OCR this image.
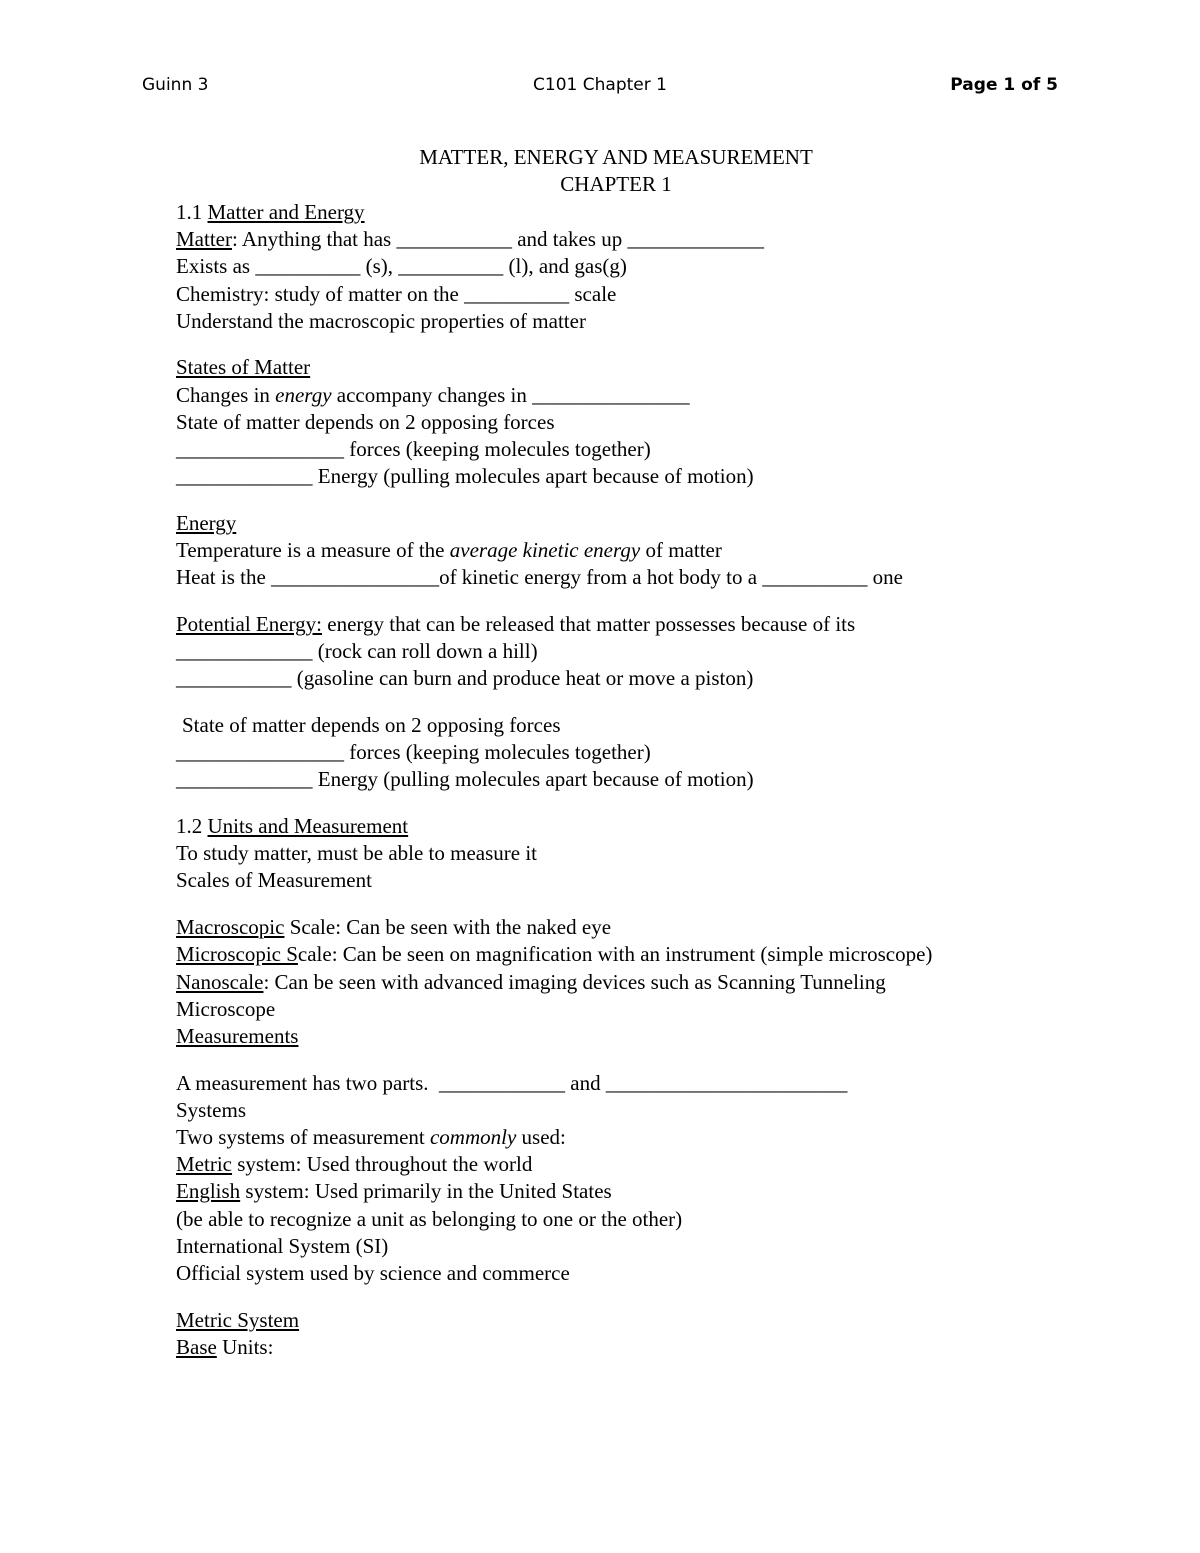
Guinn 3	C101 Chapter 1	Page 1 of 5
MATTER, ENERGY AND MEASUREMENT
CHAPTER 1
1.1 Matter and Energy
Matter: Anything that has ___________ and takes up _____________
Exists as __________ (s), __________ (l), and gas(g)
Chemistry: study of matter on the __________ scale
Understand the macroscopic properties of matter
States of Matter
Changes in energy accompany changes in _______________
State of matter depends on 2 opposing forces
________________ forces (keeping molecules together)
_____________ Energy (pulling molecules apart because of motion)
Energy
Temperature is a measure of the average kinetic energy of matter
Heat is the ________________of kinetic energy from a hot body to a __________ one
Potential Energy: energy that can be released that matter possesses because of its
_____________ (rock can roll down a hill)
___________ (gasoline can burn and produce heat or move a piston)
State of matter depends on 2 opposing forces
________________ forces (keeping molecules together)
_____________ Energy (pulling molecules apart because of motion)
1.2 Units and Measurement
To study matter, must be able to measure it
Scales of Measurement
Macroscopic Scale: Can be seen with the naked eye
Microscopic Scale: Can be seen on magnification with an instrument (simple microscope)
Nanoscale: Can be seen with advanced imaging devices such as Scanning Tunneling
Microscope
Measurements
A measurement has two parts.  ____________ and _______________________
Systems
Two systems of measurement commonly used:
Metric system: Used throughout the world
English system: Used primarily in the United States
(be able to recognize a unit as belonging to one or the other)
International System (SI)
Official system used by science and commerce
Metric System
Base Units:
